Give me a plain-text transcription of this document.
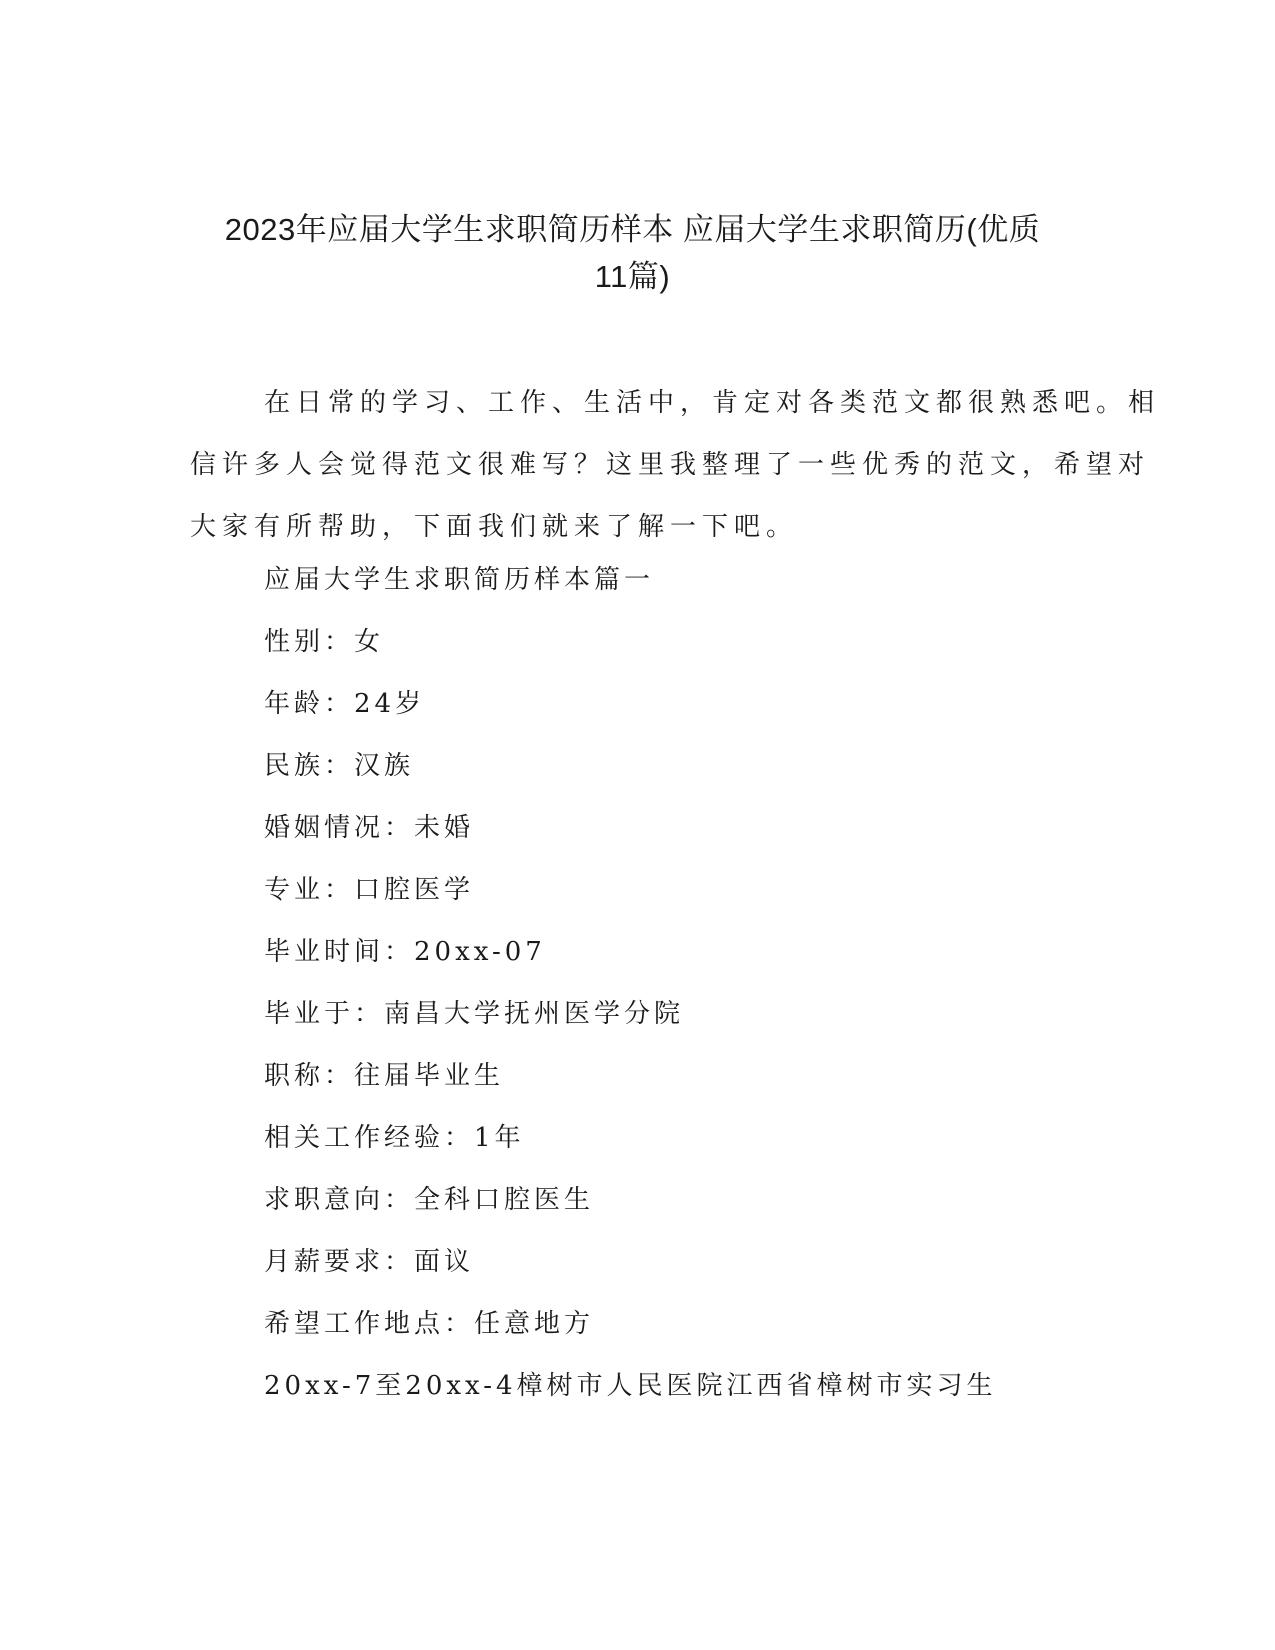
2023年应届大学生求职简历样本 应届大学生求职简历(优质
11篇)

在日常的学习、工作、生活中，肯定对各类范文都很熟悉吧。相
信许多人会觉得范文很难写？这里我整理了一些优秀的范文，希望对
大家有所帮助，下面我们就来了解一下吧。

应届大学生求职简历样本篇一

性别：女

年龄：24岁

民族：汉族

婚姻情况：未婚

专业：口腔医学

毕业时间：20xx-07

毕业于：南昌大学抚州医学分院

职称：往届毕业生

相关工作经验：1年

求职意向：全科口腔医生

月薪要求：面议

希望工作地点：任意地方

20xx-7至20xx-4樟树市人民医院江西省樟树市实习生
